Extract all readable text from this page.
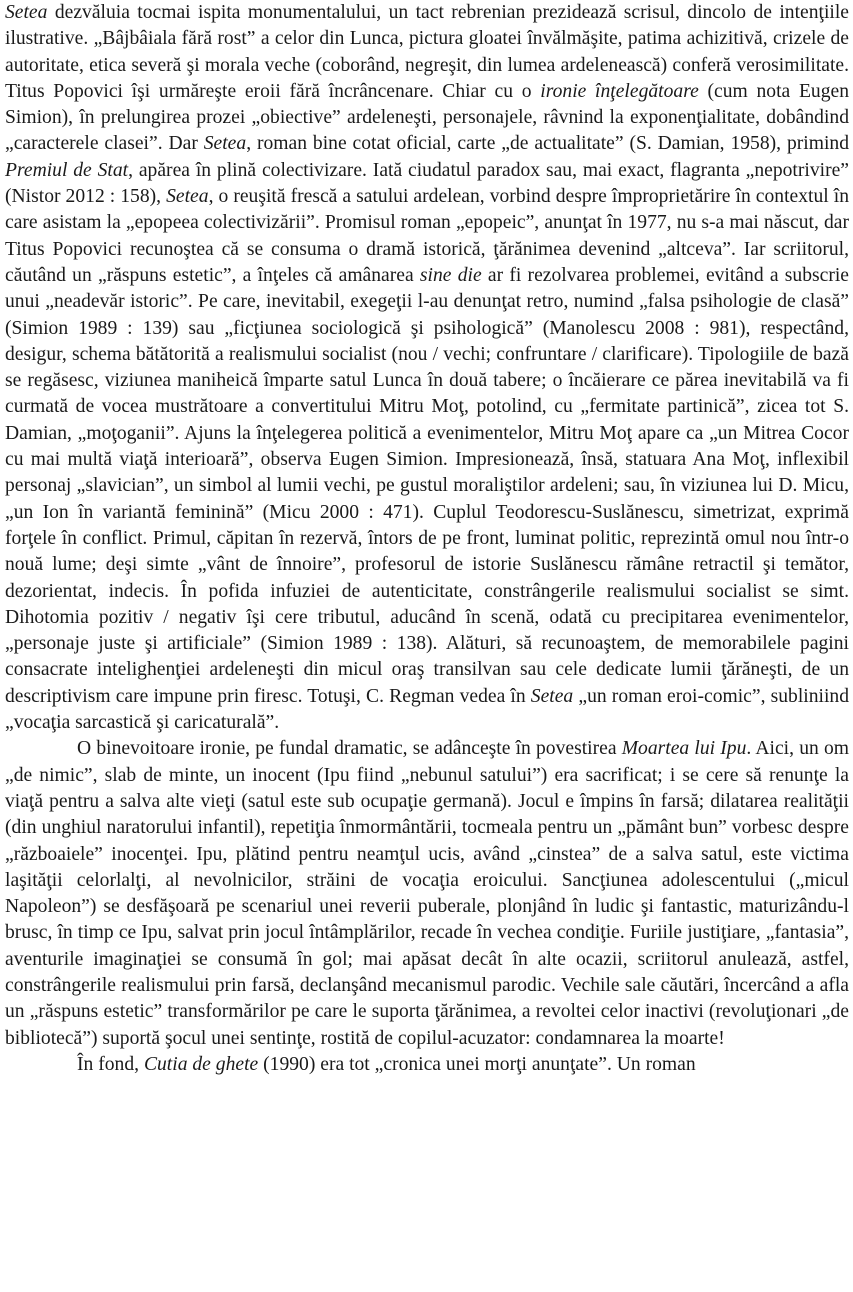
Setea dezvăluia tocmai ispita monumentalului, un tact rebrenian prezidează scrisul, dincolo de intenţiile ilustrative. „Bâjbâiala fără rost” a celor din Lunca, pictura gloatei învălmăşite, patima achizitivă, crizele de autoritate, etica severă şi morala veche (coborând, negreşit, din lumea ardelenească) conferă verosimilitate. Titus Popovici îşi urmăreşte eroii fără încrâncenare. Chiar cu o ironie înţelegătoare (cum nota Eugen Simion), în prelungirea prozei „obiective” ardeleneşti, personajele, râvnind la exponenţialitate, dobândind „caracterele clasei”. Dar Setea, roman bine cotat oficial, carte „de actualitate” (S. Damian, 1958), primind Premiul de Stat, apărea în plină colectivizare. Iată ciudatul paradox sau, mai exact, flagranta „nepotrivire” (Nistor 2012 : 158), Setea, o reuşită frescă a satului ardelean, vorbind despre împroprietărire în contextul în care asistam la „epopeea colectivizării”. Promisul roman „epopeic”, anunţat în 1977, nu s-a mai născut, dar Titus Popovici recunoştea că se consuma o dramă istorică, ţărănimea devenind „altceva”. Iar scriitorul, căutând un „răspuns estetic”, a înţeles că amânarea sine die ar fi rezolvarea problemei, evitând a subscrie unui „neadevăr istoric”. Pe care, inevitabil, exegeţii l-au denunţat retro, numind „falsa psihologie de clasă” (Simion 1989 : 139) sau „ficţiunea sociologică şi psihologică” (Manolescu 2008 : 981), respectând, desigur, schema bătătorită a realismului socialist (nou / vechi; confruntare / clarificare). Tipologiile de bază se regăsesc, viziunea maniheică împarte satul Lunca în două tabere; o încăierare ce părea inevitabilă va fi curmată de vocea mustrătoare a convertitului Mitru Moţ, potolind, cu „fermitate partinică”, zicea tot S. Damian, „moţoganii”. Ajuns la înţelegerea politică a evenimentelor, Mitru Moţ apare ca „un Mitrea Cocor cu mai multă viaţă interioară”, observa Eugen Simion. Impresionează, însă, statuara Ana Moţ, inflexibil personaj „slavician”, un simbol al lumii vechi, pe gustul moraliştilor ardeleni; sau, în viziunea lui D. Micu, „un Ion în variantă feminină” (Micu 2000 : 471). Cuplul Teodorescu-Suslănescu, simetrizat, exprimă forţele în conflict. Primul, căpitan în rezervă, întors de pe front, luminat politic, reprezintă omul nou într-o nouă lume; deşi simte „vânt de înnoire”, profesorul de istorie Suslănescu rămâne retractil şi temător, dezorientat, indecis. În pofida infuziei de autenticitate, constrângerile realismului socialist se simt. Dihotomia pozitiv / negativ îşi cere tributul, aducând în scenă, odată cu precipitarea evenimentelor, „personaje juste şi artificiale” (Simion 1989 : 138). Alături, să recunoaştem, de memorabilele pagini consacrate intelighenţiei ardeleneşti din micul oraş transilvan sau cele dedicate lumii ţărăneşti, de un descriptivism care impune prin firesc. Totuşi, C. Regman vedea în Setea „un roman eroi-comic”, subliniind „vocaţia sarcastică şi caricaturală”.

O binevoitoare ironie, pe fundal dramatic, se adânceşte în povestirea Moartea lui Ipu. Aici, un om „de nimic”, slab de minte, un inocent (Ipu fiind „nebunul satului”) era sacrificat; i se cere să renunţe la viaţă pentru a salva alte vieţi (satul este sub ocupaţie germană). Jocul e împins în farsă; dilatarea realităţii (din unghiul naratorului infantil), repetiţia înmormântării, tocmeala pentru un „pământ bun” vorbesc despre „războaiele” inocenţei. Ipu, plătind pentru neamţul ucis, având „cinstea” de a salva satul, este victima laşităţii celorlalţi, al nevolnicilor, străini de vocaţia eroicului. Sancţiunea adolescentului („micul Napoleon”) se desfăşoară pe scenariul unei reverii puberale, plonjând în ludic şi fantastic, maturizându-l brusc, în timp ce Ipu, salvat prin jocul întâmplărilor, recade în vechea condiţie. Furiile justiţiare, „fantasia”, aventurile imaginaţiei se consumă în gol; mai apăsat decât în alte ocazii, scriitorul anulează, astfel, constrângerile realismului prin farsă, declanşând mecanismul parodic. Vechile sale căutări, încercând a afla un „răspuns estetic” transformărilor pe care le suporta ţărănimea, a revoltei celor inactivi (revoluţionari „de bibliotecă”) suportă şocul unei sentinţe, rostită de copilul-acuzator: condamnarea la moarte!

În fond, Cutia de ghete (1990) era tot „cronica unei morţi anunţate”. Un roman
